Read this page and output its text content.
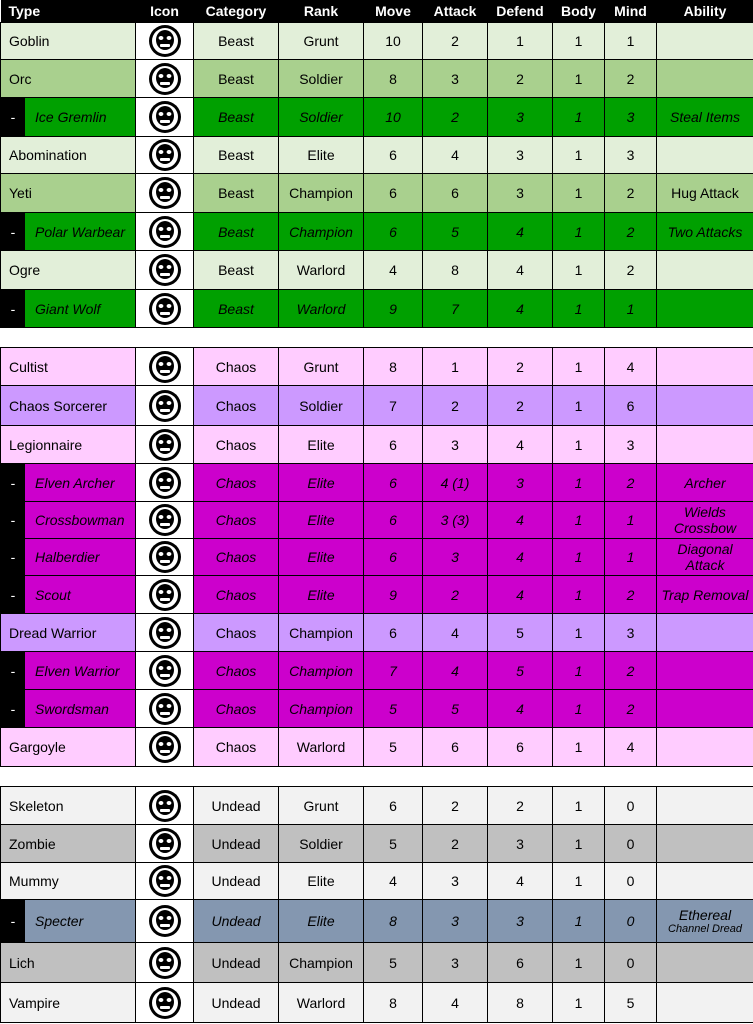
Type	Icon	Category	Rank	Move	Attack	Defend	Body	Mind	Ability
Goblin		Beast	Grunt	10	2	1	1	1	
Orc		Beast	Soldier	8	3	2	1	2	

- Ice Gremlin		Beast	Soldier	10	2	3	1	3	Steal Items
Abomination		Beast	Elite	6	4	3	1	3	
Yeti		Beast	Champion	6	6	3	1	2	Hug Attack

- Polar Warbear		Beast	Champion	6	5	4	1	2	Two Attacks
Ogre		Beast	Warlord	4	8	4	1	2	

- Giant Wolf		Beast	Warlord	9	7	4	1	1	

Cultist		Chaos	Grunt	8	1	2	1	4	
Chaos Sorcerer		Chaos	Soldier	7	2	2	1	6	
Legionnaire		Chaos	Elite	6	3	4	1	3	

- Elven Archer		Chaos	Elite	6	4 (1)	3	1	2	Archer

- Crossbowman		Chaos	Elite	6	3 (3)	4	1	1	Wields Crossbow

- Halberdier		Chaos	Elite	6	3	4	1	1	Diagonal Attack

- Scout		Chaos	Elite	9	2	4	1	2	Trap Removal
Dread Warrior		Chaos	Champion	6	4	5	1	3	

- Elven Warrior		Chaos	Champion	7	4	5	1	2	

- Swordsman		Chaos	Champion	5	5	4	1	2	
Gargoyle		Chaos	Warlord	5	6	6	1	4	

Skeleton		Undead	Grunt	6	2	2	1	0	
Zombie		Undead	Soldier	5	2	3	1	0	
Mummy		Undead	Elite	4	3	4	1	0	

- Specter		Undead	Elite	8	3	3	1	0	Ethereal
Channel Dread

Lich		Undead	Champion	5	3	6	1	0	
Vampire		Undead	Warlord	8	4	8	1	5	
